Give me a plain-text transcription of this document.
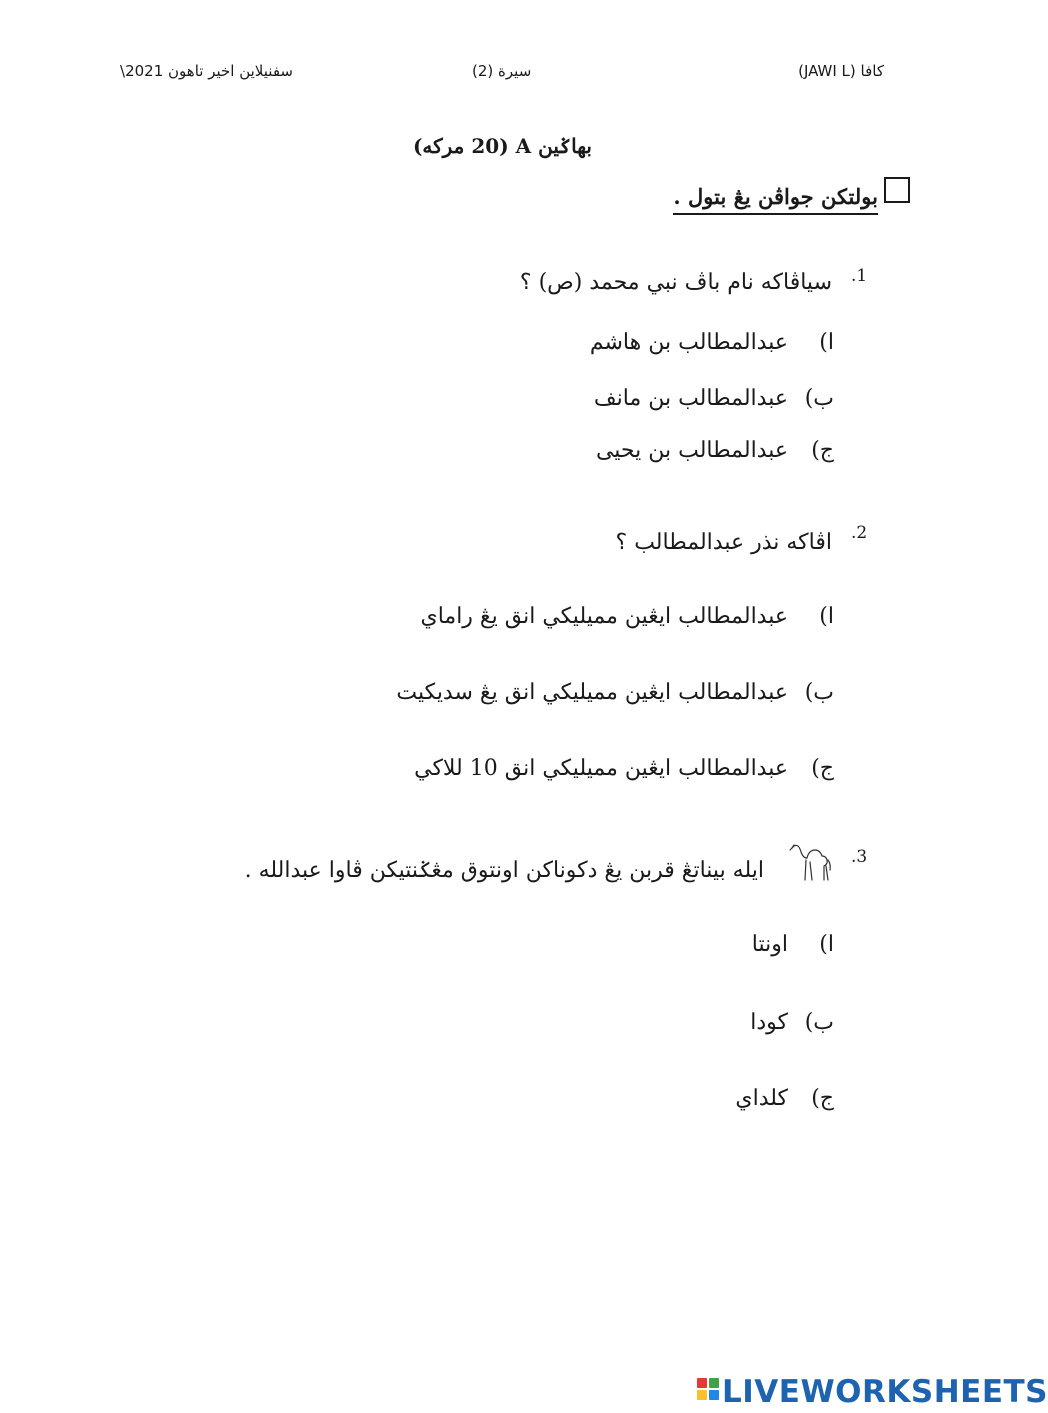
سفنيلاين اخير تاهون 2021\	سيرة (2)	كافا (JAWI L)
بهاݢين A (20 مركه)
بولتكن جواڤن يڠ بتول .
.1
سياڤاكه نام باڤ نبي محمد (ص) ؟
ا)
عبدالمطالب بن هاشم
ب)
عبدالمطالب بن مانف
ج)
عبدالمطالب بن يحيى
.2
اڤاكه نذر عبدالمطالب ؟
ا)
عبدالمطالب ايڠين مميليكي انق يڠ راماي
ب)
عبدالمطالب ايڠين مميليكي انق يڠ سديكيت
ج)
عبدالمطالب ايڠين مميليكي انق 10 للاكي
.3
ايله بيناتڠ قربن يڠ دكوناكن اونتوق مڠݢنتيكن ڤاوا عبدالله .
ا)
اونتا
ب)
كودا
ج)
كلداي
LIVEWORKSHEETS
